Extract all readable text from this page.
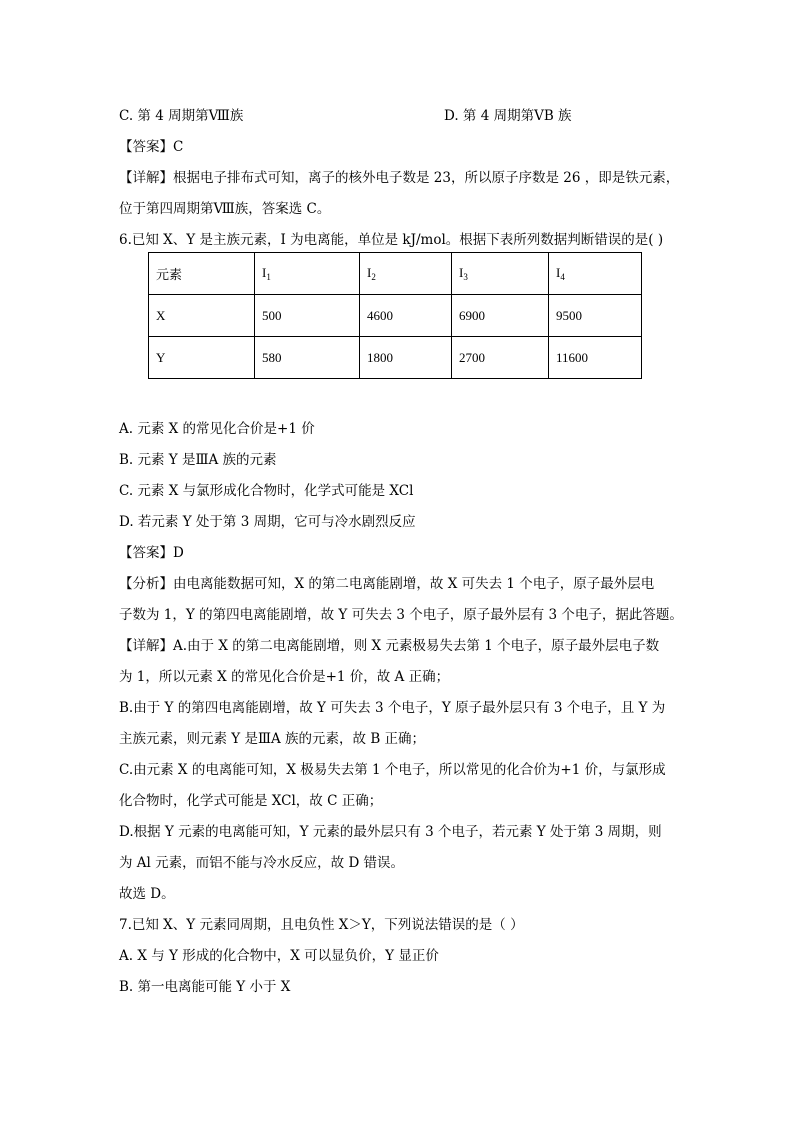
C. 第 4 周期第Ⅷ族	D. 第 4 周期第ⅤB 族
【答案】C
【详解】根据电子排布式可知，离子的核外电子数是 23，所以原子序数是 26 ，即是铁元素，
位于第四周期第Ⅷ族，答案选 C。
6.已知 X、Y 是主族元素，I 为电离能，单位是 kJ/mol。根据下表所列数据判断错误的是( )
元素	$I_1$	$I_2$	$I_3$	$I_4$
X	500	4600	6900	9500
Y	580	1800	2700	11600
A. 元素 X 的常见化合价是+1 价
B. 元素 Y 是ⅢA 族的元素
C. 元素 X 与氯形成化合物时，化学式可能是 XCl
D. 若元素 Y 处于第 3 周期，它可与冷水剧烈反应
【答案】D
【分析】由电离能数据可知，X 的第二电离能剧增，故 X 可失去 1 个电子，原子最外层电
子数为 1，Y 的第四电离能剧增，故 Y 可失去 3 个电子，原子最外层有 3 个电子，据此答题。
【详解】A.由于 X 的第二电离能剧增，则 X 元素极易失去第 1 个电子，原子最外层电子数
为 1，所以元素 X 的常见化合价是+1 价，故 A 正确；
B.由于 Y 的第四电离能剧增，故 Y 可失去 3 个电子，Y 原子最外层只有 3 个电子，且 Y 为
主族元素，则元素 Y 是ⅢA 族的元素，故 B 正确；
C.由元素 X 的电离能可知，X 极易失去第 1 个电子，所以常见的化合价为+1 价，与氯形成
化合物时，化学式可能是 XCl，故 C 正确；
D.根据 Y 元素的电离能可知，Y 元素的最外层只有 3 个电子，若元素 Y 处于第 3 周期，则
为 Al 元素，而铝不能与冷水反应，故 D 错误。
故选 D。
7.已知 X、Y 元素同周期，且电负性 X＞Y，下列说法错误的是（ ）
A. X 与 Y 形成的化合物中，X 可以显负价，Y 显正价
B. 第一电离能可能 Y 小于 X
